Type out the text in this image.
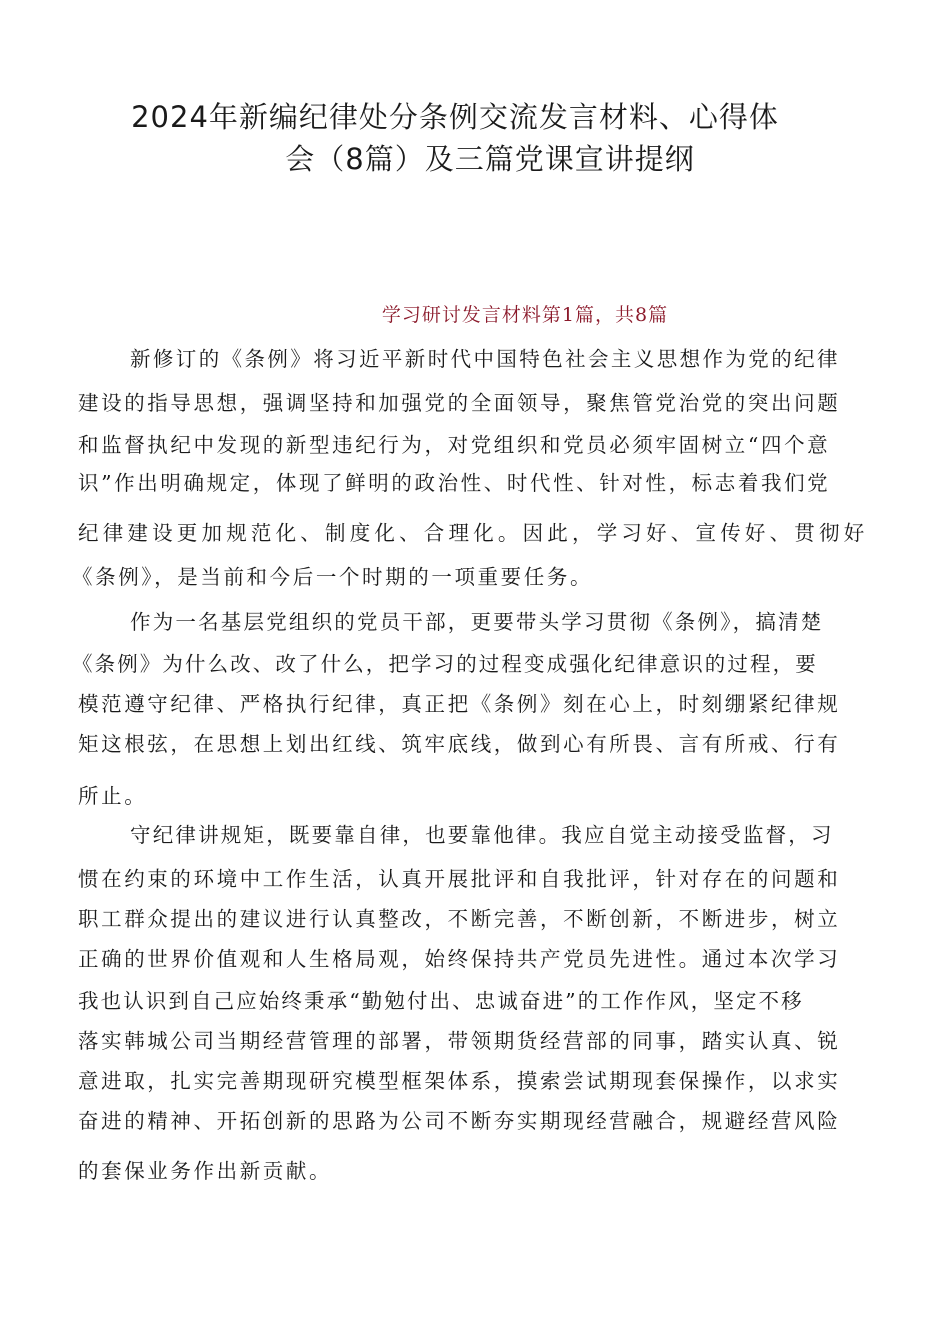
2024年新编纪律处分条例交流发言材料、心得体
会（8篇）及三篇党课宣讲提纲
学习研讨发言材料第1篇，共8篇
新修订的《条例》将习近平新时代中国特色社会主义思想作为党的纪律
建设的指导思想，强调坚持和加强党的全面领导，聚焦管党治党的突出问题
和监督执纪中发现的新型违纪行为，对党组织和党员必须牢固树立“四个意
识”作出明确规定，体现了鲜明的政治性、时代性、针对性，标志着我们党
纪律建设更加规范化、制度化、合理化。因此，学习好、宣传好、贯彻好
《条例》，是当前和今后一个时期的一项重要任务。
作为一名基层党组织的党员干部，更要带头学习贯彻《条例》，搞清楚
《条例》为什么改、改了什么，把学习的过程变成强化纪律意识的过程，要
模范遵守纪律、严格执行纪律，真正把《条例》刻在心上，时刻绷紧纪律规
矩这根弦，在思想上划出红线、筑牢底线，做到心有所畏、言有所戒、行有
所止。
守纪律讲规矩，既要靠自律，也要靠他律。我应自觉主动接受监督，习
惯在约束的环境中工作生活，认真开展批评和自我批评，针对存在的问题和
职工群众提出的建议进行认真整改，不断完善，不断创新，不断进步，树立
正确的世界价值观和人生格局观，始终保持共产党员先进性。通过本次学习
我也认识到自己应始终秉承“勤勉付出、忠诚奋进”的工作作风，坚定不移
落实韩城公司当期经营管理的部署，带领期货经营部的同事，踏实认真、锐
意进取，扎实完善期现研究模型框架体系，摸索尝试期现套保操作，以求实
奋进的精神、开拓创新的思路为公司不断夯实期现经营融合，规避经营风险
的套保业务作出新贡献。
